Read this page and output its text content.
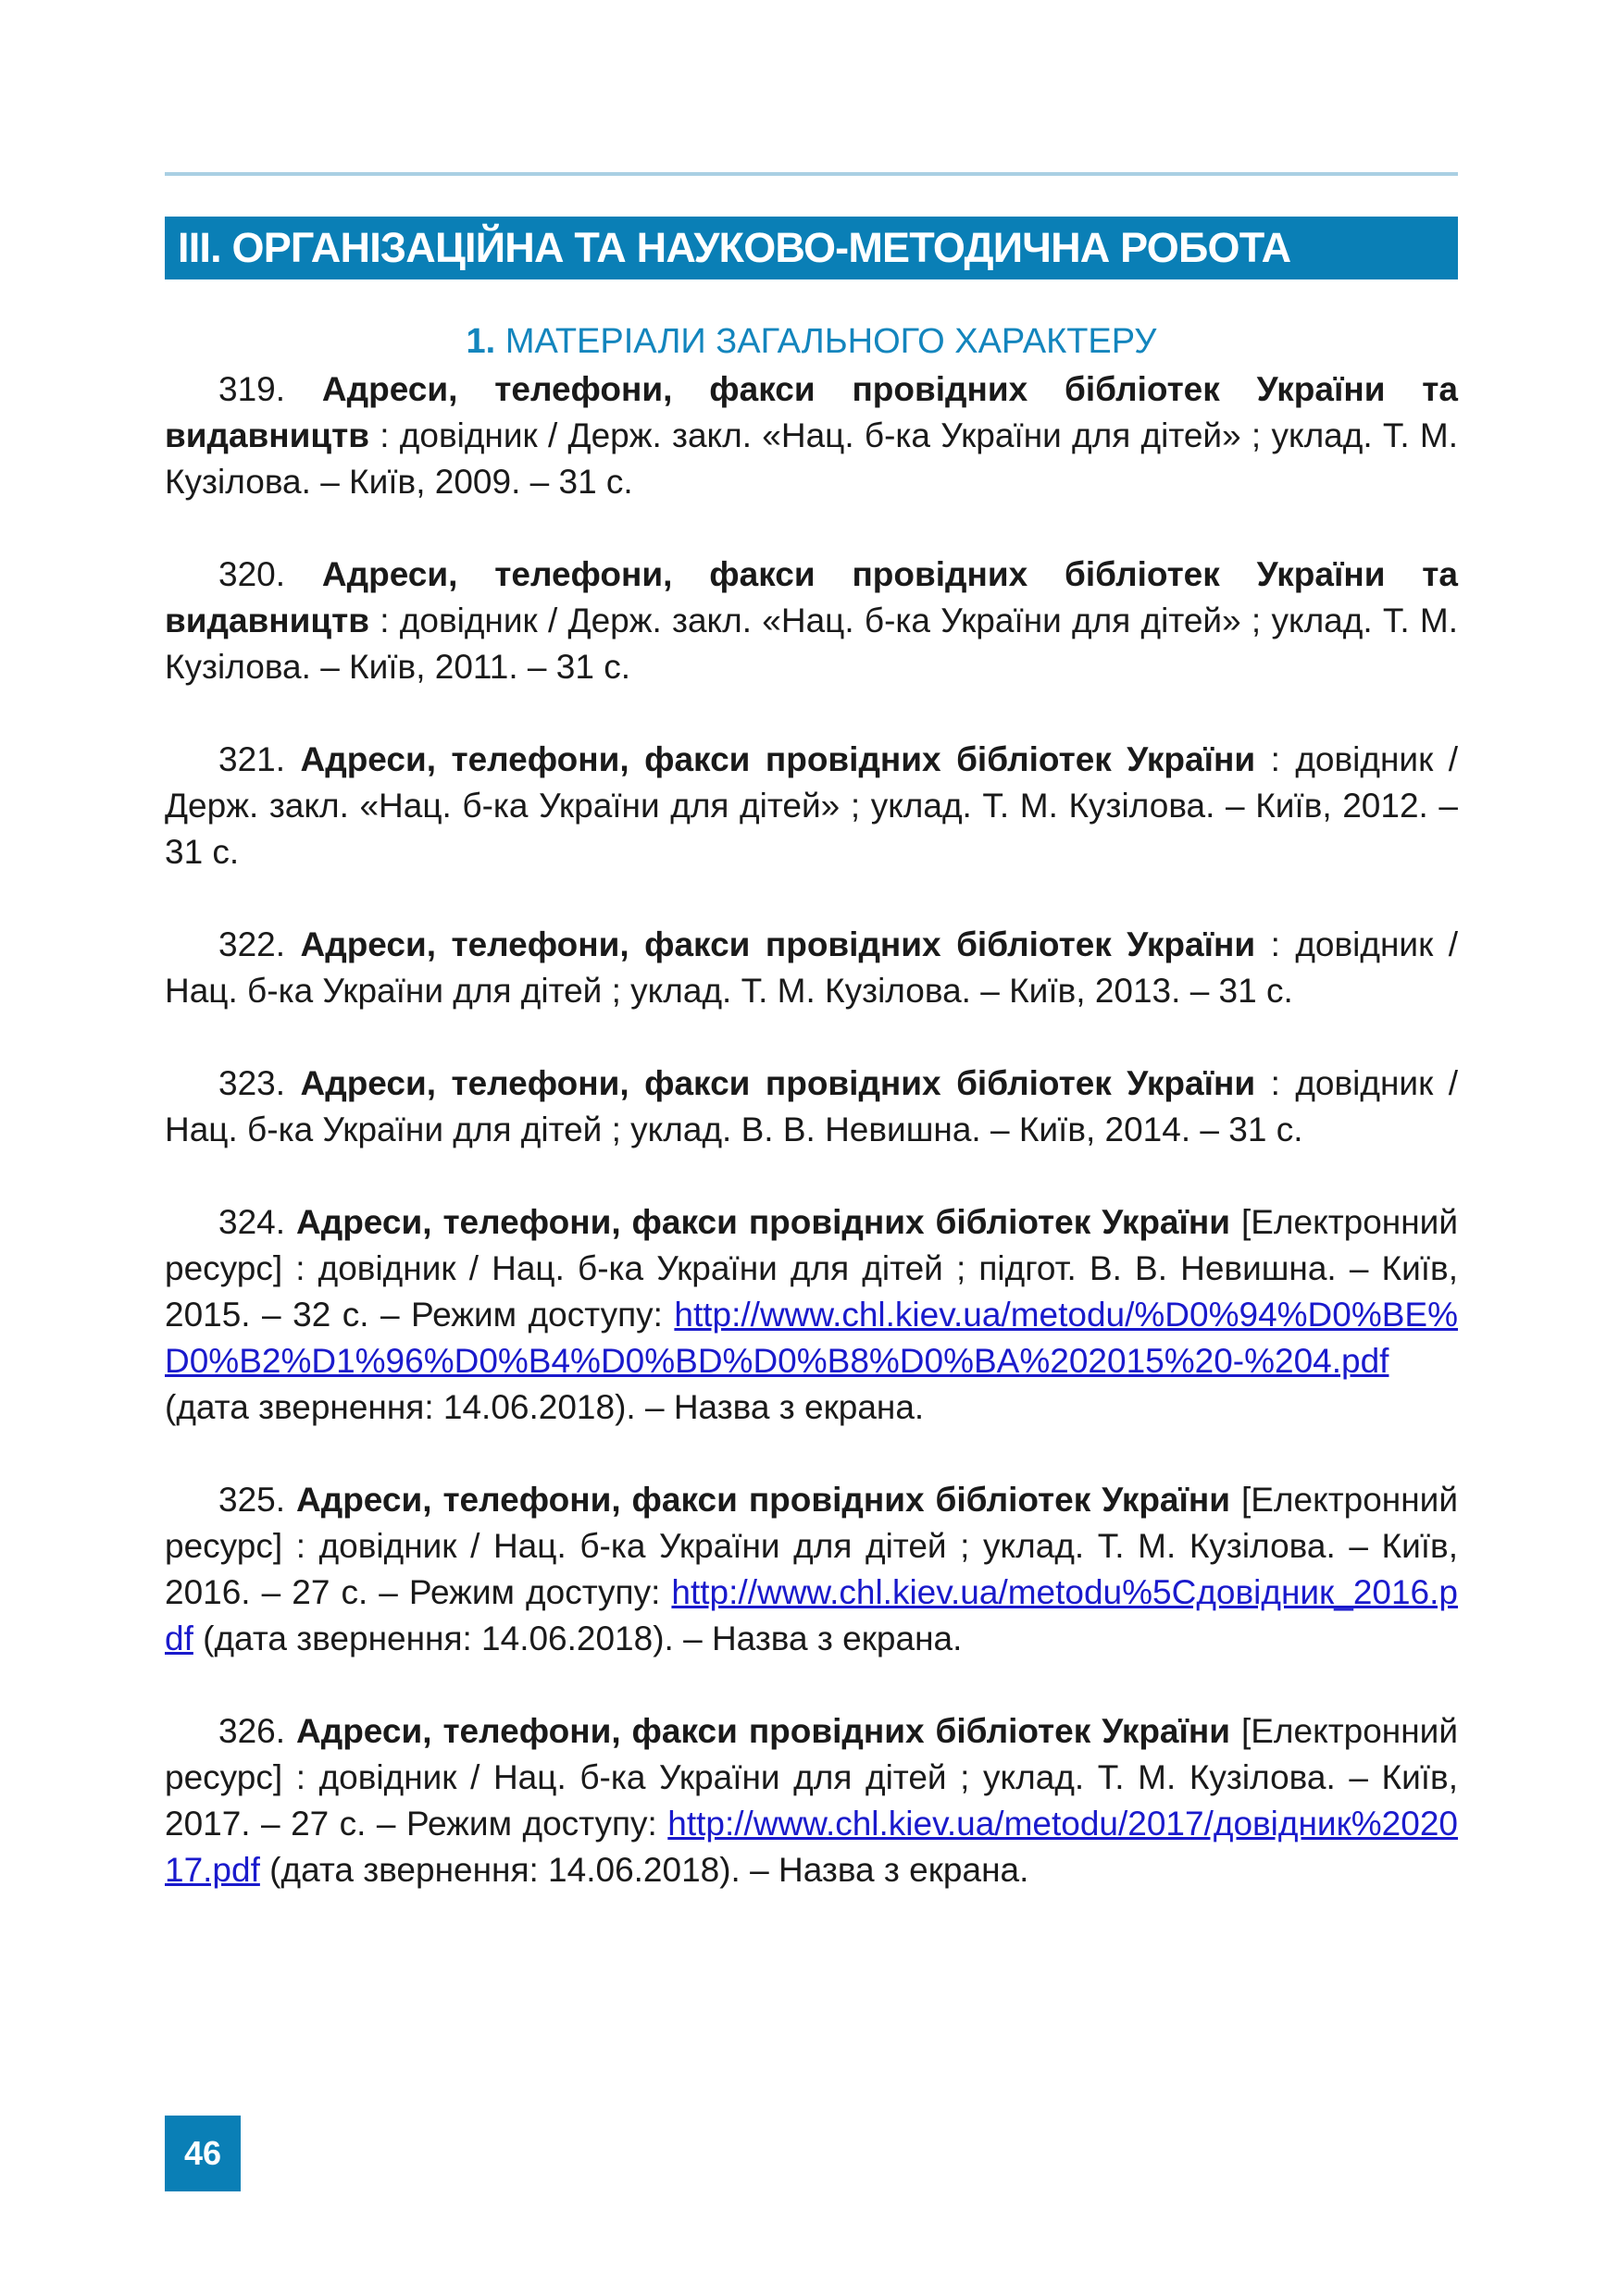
III. ОРГАНІЗАЦІЙНА ТА НАУКОВО-МЕТОДИЧНА РОБОТА
1. МАТЕРІАЛИ ЗАГАЛЬНОГО ХАРАКТЕРУ

319. Адреси, телефони, факси провідних бібліотек України та видавництв : довідник / Держ. закл. «Нац. б-ка України для дітей» ; уклад. Т. М. Кузілова. – Київ, 2009. – 31 с.

320. Адреси, телефони, факси провідних бібліотек України та видавництв : довідник / Держ. закл. «Нац. б-ка України для дітей» ; уклад. Т. М. Кузілова. – Київ, 2011. – 31 с.

321. Адреси, телефони, факси провідних бібліотек України : довідник / Держ. закл. «Нац. б-ка України для дітей» ; уклад. Т. М. Кузілова. – Київ, 2012. – 31 с.

322. Адреси, телефони, факси провідних бібліотек України : довідник / Нац. б-ка України для дітей ; уклад. Т. М. Кузілова. – Київ, 2013. – 31 с.

323. Адреси, телефони, факси провідних бібліотек України : довідник / Нац. б-ка України для дітей ; уклад. В. В. Невишна. – Київ, 2014. – 31 с.

324. Адреси, телефони, факси провідних бібліотек України [Електронний ресурс] : довідник / Нац. б-ка України для дітей ; підгот. В. В. Невишна. – Київ, 2015. – 32 с. – Режим доступу: http://www.chl.kiev.ua/metodu/%D0%94%D0%BE%D0%B2%D1%96%D0%B4%D0%BD%D0%B8%D0%BA%202015%20-%204.pdf (дата звернення: 14.06.2018). – Назва з екрана.

325. Адреси, телефони, факси провідних бібліотек України [Електронний ресурс] : довідник / Нац. б-ка України для дітей ; уклад. Т. М. Кузілова. – Київ, 2016. – 27 с. – Режим доступу: http://www.chl.kiev.ua/metodu%5Cдовідник_2016.pdf (дата звернення: 14.06.2018). – Назва з екрана.

326. Адреси, телефони, факси провідних бібліотек України [Електронний ресурс] : довідник / Нац. б-ка України для дітей ; уклад. Т. М. Кузілова. – Київ, 2017. – 27 с. – Режим доступу: http://www.chl.kiev.ua/metodu/2017/довідник%202017.pdf (дата звернення: 14.06.2018). – Назва з екрана.

46
